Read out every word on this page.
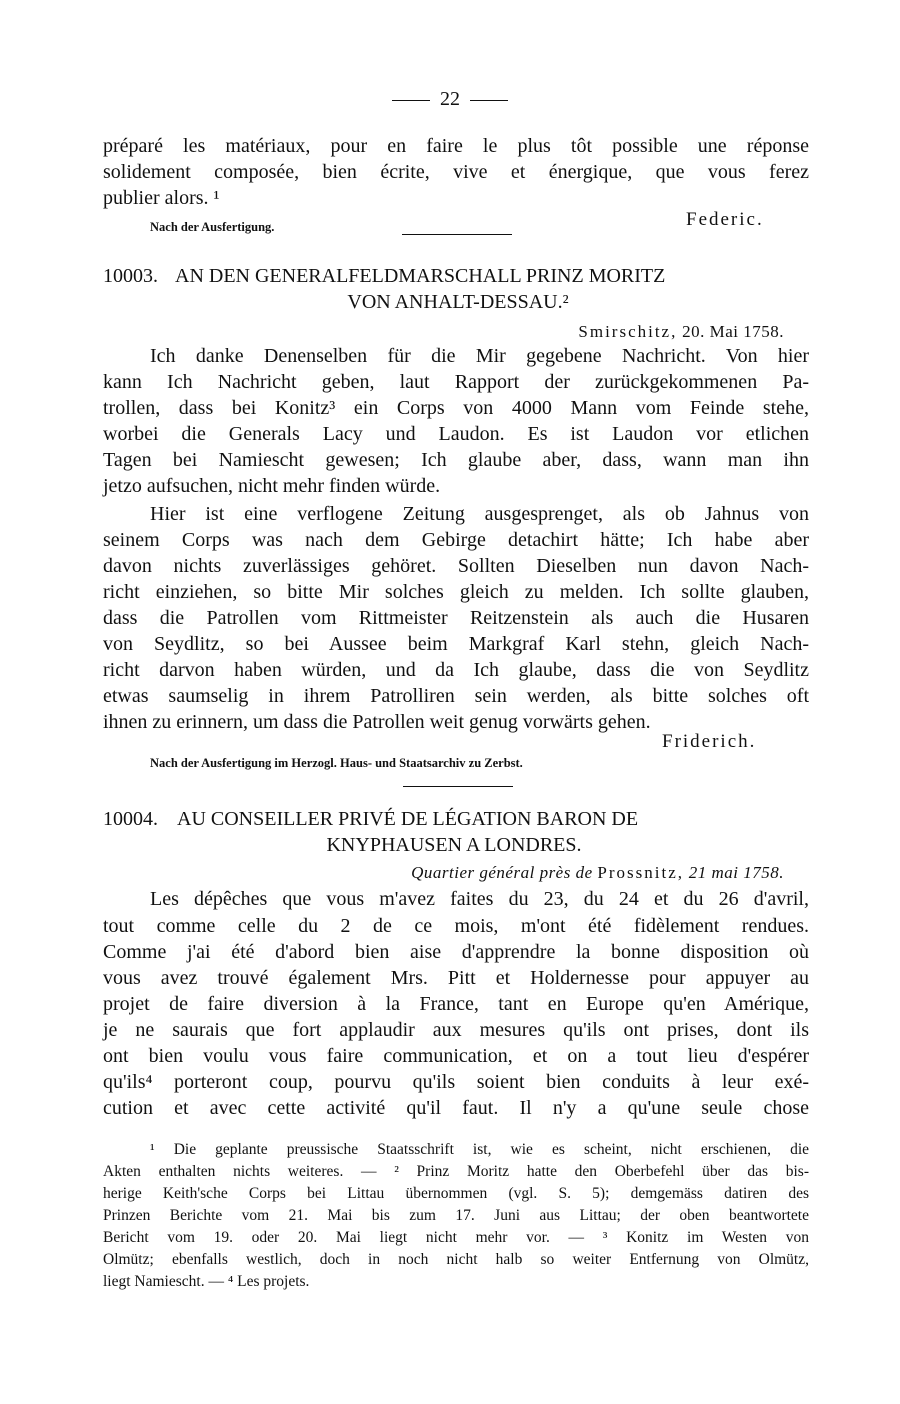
22
préparé les matériaux, pour en faire le plus tôt possible une réponse
solidement composée, bien écrite, vive et énergique, que vous ferez
publier alors. ¹
Nach der Ausfertigung.	Federic.
10003. AN DEN GENERALFELDMARSCHALL PRINZ MORITZ
VON ANHALT-DESSAU.²
Smirschitz, 20. Mai 1758.
Ich danke Denenselben für die Mir gegebene Nachricht. Von hier
kann Ich Nachricht geben, laut Rapport der zurückgekommenen Pa-
trollen, dass bei Konitz³ ein Corps von 4000 Mann vom Feinde stehe,
worbei die Generals Lacy und Laudon. Es ist Laudon vor etlichen
Tagen bei Namiescht gewesen; Ich glaube aber, dass, wann man ihn
jetzo aufsuchen, nicht mehr finden würde.
Hier ist eine verflogene Zeitung ausgesprenget, als ob Jahnus von
seinem Corps was nach dem Gebirge detachirt hätte; Ich habe aber
davon nichts zuverlässiges gehöret. Sollten Dieselben nun davon Nach-
richt einziehen, so bitte Mir solches gleich zu melden. Ich sollte glauben,
dass die Patrollen vom Rittmeister Reitzenstein als auch die Husaren
von Seydlitz, so bei Aussee beim Markgraf Karl stehn, gleich Nach-
richt darvon haben würden, und da Ich glaube, dass die von Seydlitz
etwas saumselig in ihrem Patrolliren sein werden, als bitte solches oft
ihnen zu erinnern, um dass die Patrollen weit genug vorwärts gehen.
Friderich.
Nach der Ausfertigung im Herzogl. Haus- und Staatsarchiv zu Zerbst.
10004. AU CONSEILLER PRIVÉ DE LÉGATION BARON DE
KNYPHAUSEN A LONDRES.
Quartier général près de Prossnitz, 21 mai 1758.
Les dépêches que vous m'avez faites du 23, du 24 et du 26 d'avril,
tout comme celle du 2 de ce mois, m'ont été fidèlement rendues.
Comme j'ai été d'abord bien aise d'apprendre la bonne disposition où
vous avez trouvé également Mrs. Pitt et Holdernesse pour appuyer au
projet de faire diversion à la France, tant en Europe qu'en Amérique,
je ne saurais que fort applaudir aux mesures qu'ils ont prises, dont ils
ont bien voulu vous faire communication, et on a tout lieu d'espérer
qu'ils⁴ porteront coup, pourvu qu'ils soient bien conduits à leur exé-
cution et avec cette activité qu'il faut. Il n'y a qu'une seule chose
¹ Die geplante preussische Staatsschrift ist, wie es scheint, nicht erschienen, die
Akten enthalten nichts weiteres. — ² Prinz Moritz hatte den Oberbefehl über das bis-
herige Keith'sche Corps bei Littau übernommen (vgl. S. 5); demgemäss datiren des
Prinzen Berichte vom 21. Mai bis zum 17. Juni aus Littau; der oben beantwortete
Bericht vom 19. oder 20. Mai liegt nicht mehr vor. — ³ Konitz im Westen von
Olmütz; ebenfalls westlich, doch in noch nicht halb so weiter Entfernung von Olmütz,
liegt Namiescht. — ⁴ Les projets.
